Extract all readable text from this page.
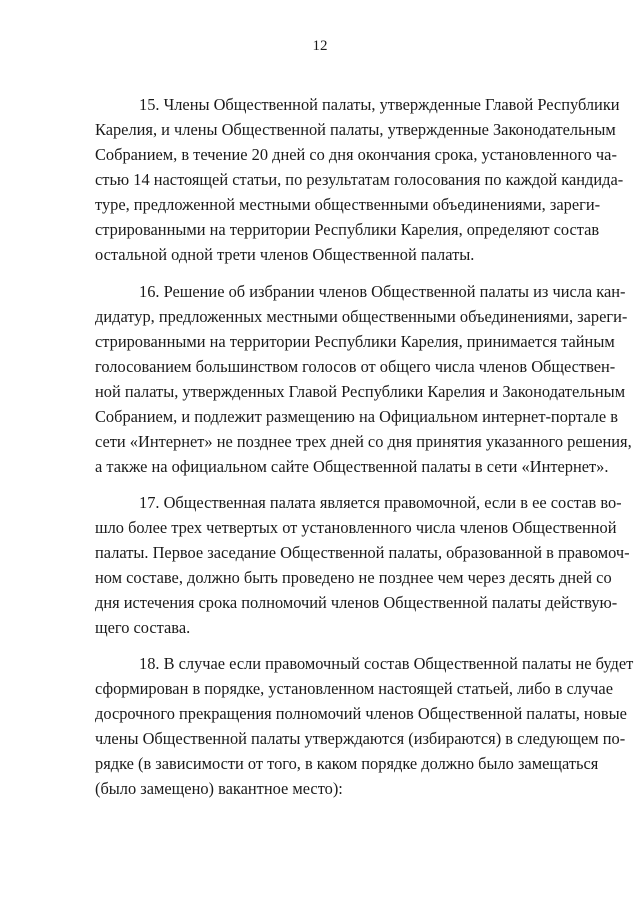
12
15. Члены Общественной палаты, утвержденные Главой Республики
Карелия, и члены Общественной палаты, утвержденные Законодательным
Собранием, в течение 20 дней со дня окончания срока, установленного ча-
стью 14 настоящей статьи, по результатам голосования по каждой кандида-
туре, предложенной местными общественными объединениями, зареги-
стрированными на территории Республики Карелия, определяют состав
остальной одной трети членов Общественной палаты.
16. Решение об избрании членов Общественной палаты из числа кан-
дидатур, предложенных местными общественными объединениями, зареги-
стрированными на территории Республики Карелия, принимается тайным
голосованием большинством голосов от общего числа членов Обществен-
ной палаты, утвержденных Главой Республики Карелия и Законодательным
Собранием, и подлежит размещению на Официальном интернет-портале в
сети «Интернет» не позднее трех дней со дня принятия указанного решения,
а также на официальном сайте Общественной палаты в сети «Интернет».
17. Общественная палата является правомочной, если в ее состав во-
шло более трех четвертых от установленного числа членов Общественной
палаты. Первое заседание Общественной палаты, образованной в правомоч-
ном составе, должно быть проведено не позднее чем через десять дней со
дня истечения срока полномочий членов Общественной палаты действую-
щего состава.
18. В случае если правомочный состав Общественной палаты не будет
сформирован в порядке, установленном настоящей статьей, либо в случае
досрочного прекращения полномочий членов Общественной палаты, новые
члены Общественной палаты утверждаются (избираются) в следующем по-
рядке (в зависимости от того, в каком порядке должно было замещаться
(было замещено) вакантное место):
